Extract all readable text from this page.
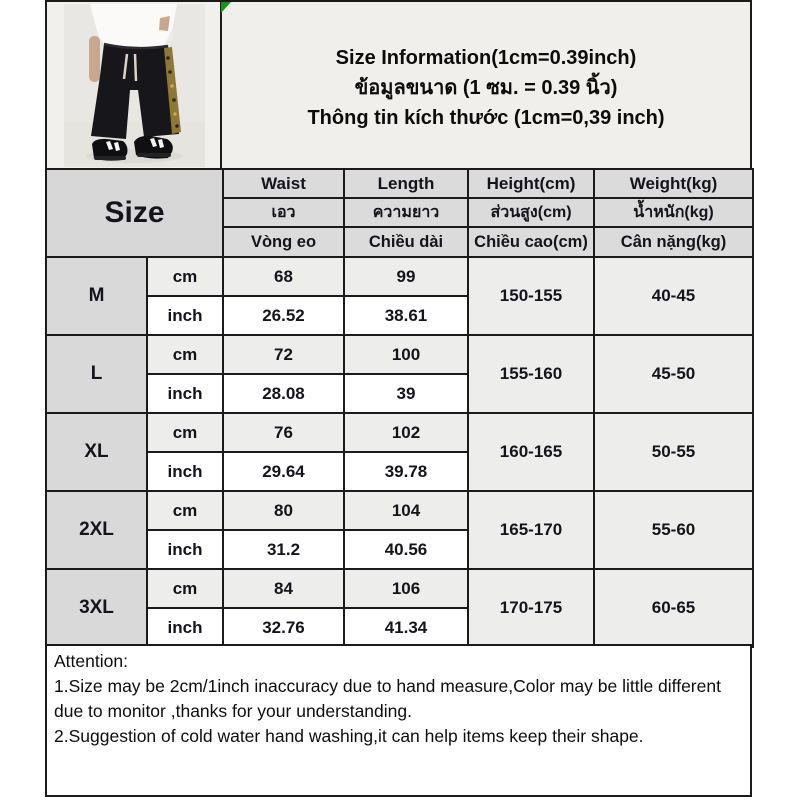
Size Information(1cm=0.39inch)
ข้อมูลขนาด (1 ซม. = 0.39 นิ้ว)
Thông tin kích thước (1cm=0,39 inch)
Size		Waist	Length	Height(cm)	Weight(kg)
		เอว	ความยาว	ส่วนสูง(cm)	น้ำหนัก(kg)
		Vòng eo	Chiều dài	Chiều cao(cm)	Cân nặng(kg)
M	cm	68	99	150-155	40-45
	inch	26.52	38.61		
L	cm	72	100	155-160	45-50
	inch	28.08	39		
XL	cm	76	102	160-165	50-55
	inch	29.64	39.78		
2XL	cm	80	104	165-170	55-60
	inch	31.2	40.56		
3XL	cm	84	106	170-175	60-65
	inch	32.76	41.34		

Attention:

1.Size may be 2cm/1inch inaccuracy due to hand measure,Color may be little different due to monitor ,thanks for your understanding.

2.Suggestion of cold water hand washing,it can help items keep their shape.
